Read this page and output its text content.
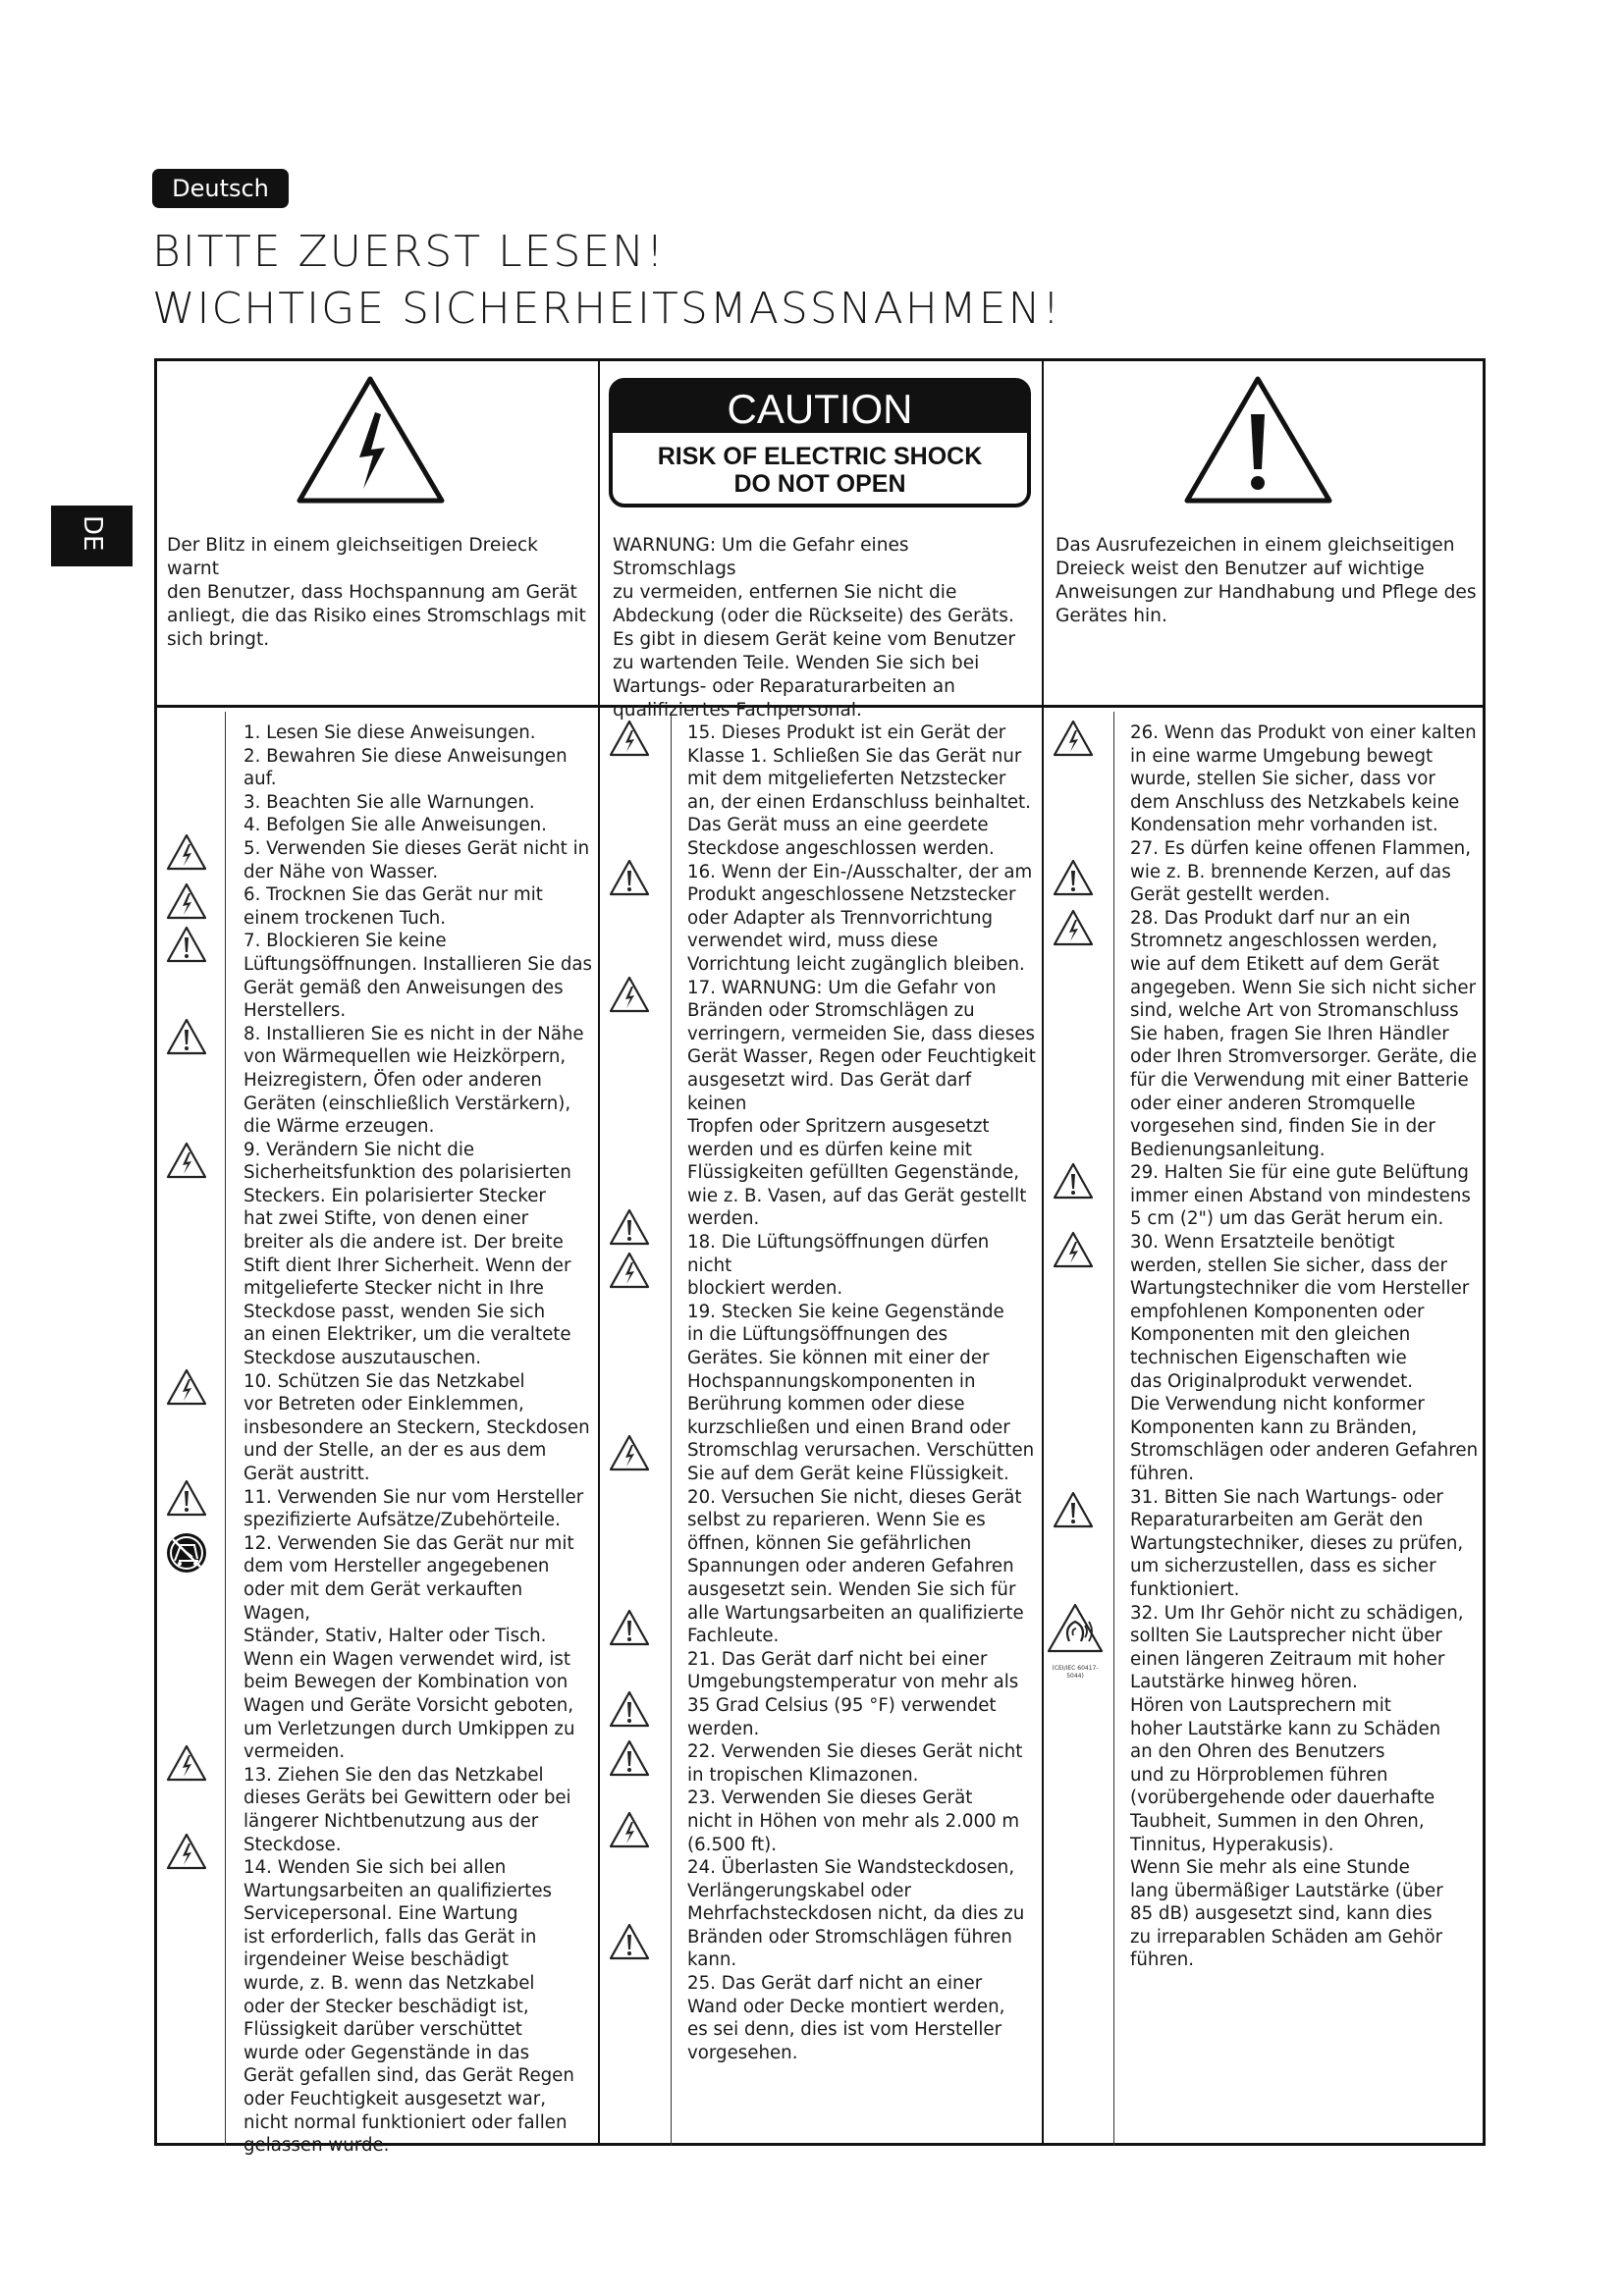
Deutsch
BITTE ZUERST LESEN!
WICHTIGE SICHERHEITSMASSNAHMEN!
DE
CAUTION
RISK OF ELECTRIC SHOCK
DO NOT OPEN
Der Blitz in einem gleichseitigen Dreieck warnt
den Benutzer, dass Hochspannung am Gerät
anliegt, die das Risiko eines Stromschlags mit
sich bringt.
WARNUNG: Um die Gefahr eines Stromschlags
zu vermeiden, entfernen Sie nicht die
Abdeckung (oder die Rückseite) des Geräts.
Es gibt in diesem Gerät keine vom Benutzer
zu wartenden Teile. Wenden Sie sich bei
Wartungs- oder Reparaturarbeiten an
qualifiziertes Fachpersonal.
Das Ausrufezeichen in einem gleichseitigen
Dreieck weist den Benutzer auf wichtige
Anweisungen zur Handhabung und Pflege des
Gerätes hin.

1. Lesen Sie diese Anweisungen.

2. Bewahren Sie diese Anweisungen

auf.

3. Beachten Sie alle Warnungen.

4. Befolgen Sie alle Anweisungen.

5. Verwenden Sie dieses Gerät nicht in

der Nähe von Wasser.

6. Trocknen Sie das Gerät nur mit

einem trockenen Tuch.

7. Blockieren Sie keine

Lüftungsöffnungen. Installieren Sie das

Gerät gemäß den Anweisungen des

Herstellers.

8. Installieren Sie es nicht in der Nähe

von Wärmequellen wie Heizkörpern,

Heizregistern, Öfen oder anderen

Geräten (einschließlich Verstärkern),

die Wärme erzeugen.

9. Verändern Sie nicht die

Sicherheitsfunktion des polarisierten

Steckers. Ein polarisierter Stecker

hat zwei Stifte, von denen einer

breiter als die andere ist. Der breite

Stift dient Ihrer Sicherheit. Wenn der

mitgelieferte Stecker nicht in Ihre

Steckdose passt, wenden Sie sich

an einen Elektriker, um die veraltete

Steckdose auszutauschen.

10. Schützen Sie das Netzkabel

vor Betreten oder Einklemmen,

insbesondere an Steckern, Steckdosen

und der Stelle, an der es aus dem

Gerät austritt.

11. Verwenden Sie nur vom Hersteller

spezifizierte Aufsätze/Zubehörteile.

12. Verwenden Sie das Gerät nur mit

dem vom Hersteller angegebenen

oder mit dem Gerät verkauften Wagen,

Ständer, Stativ, Halter oder Tisch.

Wenn ein Wagen verwendet wird, ist

beim Bewegen der Kombination von

Wagen und Geräte Vorsicht geboten,

um Verletzungen durch Umkippen zu

vermeiden.

13. Ziehen Sie den das Netzkabel

dieses Geräts bei Gewittern oder bei

längerer Nichtbenutzung aus der

Steckdose.

14. Wenden Sie sich bei allen

Wartungsarbeiten an qualifiziertes

Servicepersonal. Eine Wartung

ist erforderlich, falls das Gerät in

irgendeiner Weise beschädigt

wurde, z. B. wenn das Netzkabel

oder der Stecker beschädigt ist,

Flüssigkeit darüber verschüttet

wurde oder Gegenstände in das

Gerät gefallen sind, das Gerät Regen

oder Feuchtigkeit ausgesetzt war,

nicht normal funktioniert oder fallen

gelassen wurde.

15. Dieses Produkt ist ein Gerät der

Klasse 1. Schließen Sie das Gerät nur

mit dem mitgelieferten Netzstecker

an, der einen Erdanschluss beinhaltet.

Das Gerät muss an eine geerdete

Steckdose angeschlossen werden.

16. Wenn der Ein-/Ausschalter, der am

Produkt angeschlossene Netzstecker

oder Adapter als Trennvorrichtung

verwendet wird, muss diese

Vorrichtung leicht zugänglich bleiben.

17. WARNUNG: Um die Gefahr von

Bränden oder Stromschlägen zu

verringern, vermeiden Sie, dass dieses

Gerät Wasser, Regen oder Feuchtigkeit

ausgesetzt wird. Das Gerät darf keinen

Tropfen oder Spritzern ausgesetzt

werden und es dürfen keine mit

Flüssigkeiten gefüllten Gegenstände,

wie z. B. Vasen, auf das Gerät gestellt

werden.

18. Die Lüftungsöffnungen dürfen nicht

blockiert werden.

19. Stecken Sie keine Gegenstände

in die Lüftungsöffnungen des

Gerätes. Sie können mit einer der

Hochspannungskomponenten in

Berührung kommen oder diese

kurzschließen und einen Brand oder

Stromschlag verursachen. Verschütten

Sie auf dem Gerät keine Flüssigkeit.

20. Versuchen Sie nicht, dieses Gerät

selbst zu reparieren. Wenn Sie es

öffnen, können Sie gefährlichen

Spannungen oder anderen Gefahren

ausgesetzt sein. Wenden Sie sich für

alle Wartungsarbeiten an qualifizierte

Fachleute.

21. Das Gerät darf nicht bei einer

Umgebungstemperatur von mehr als

35 Grad Celsius (95 °F) verwendet

werden.

22. Verwenden Sie dieses Gerät nicht

in tropischen Klimazonen.

23. Verwenden Sie dieses Gerät

nicht in Höhen von mehr als 2.000 m

(6.500 ft).

24. Überlasten Sie Wandsteckdosen,

Verlängerungskabel oder

Mehrfachsteckdosen nicht, da dies zu

Bränden oder Stromschlägen führen

kann.

25. Das Gerät darf nicht an einer

Wand oder Decke montiert werden,

es sei denn, dies ist vom Hersteller

vorgesehen.

26. Wenn das Produkt von einer kalten

in eine warme Umgebung bewegt

wurde, stellen Sie sicher, dass vor

dem Anschluss des Netzkabels keine

Kondensation mehr vorhanden ist.

27. Es dürfen keine offenen Flammen,

wie z. B. brennende Kerzen, auf das

Gerät gestellt werden.

28. Das Produkt darf nur an ein

Stromnetz angeschlossen werden,

wie auf dem Etikett auf dem Gerät

angegeben. Wenn Sie sich nicht sicher

sind, welche Art von Stromanschluss

Sie haben, fragen Sie Ihren Händler

oder Ihren Stromversorger. Geräte, die

für die Verwendung mit einer Batterie

oder einer anderen Stromquelle

vorgesehen sind, finden Sie in der

Bedienungsanleitung.

29. Halten Sie für eine gute Belüftung

immer einen Abstand von mindestens

5 cm (2") um das Gerät herum ein.

30. Wenn Ersatzteile benötigt

werden, stellen Sie sicher, dass der

Wartungstechniker die vom Hersteller

empfohlenen Komponenten oder

Komponenten mit den gleichen

technischen Eigenschaften wie

das Originalprodukt verwendet.

Die Verwendung nicht konformer

Komponenten kann zu Bränden,

Stromschlägen oder anderen Gefahren

führen.

31. Bitten Sie nach Wartungs- oder

Reparaturarbeiten am Gerät den

Wartungstechniker, dieses zu prüfen,

um sicherzustellen, dass es sicher

funktioniert.

32. Um Ihr Gehör nicht zu schädigen,

sollten Sie Lautsprecher nicht über

einen längeren Zeitraum mit hoher

Lautstärke hinweg hören.

Hören von Lautsprechern mit

hoher Lautstärke kann zu Schäden

an den Ohren des Benutzers

und zu Hörproblemen führen

(vorübergehende oder dauerhafte

Taubheit, Summen in den Ohren,

Tinnitus, Hyperakusis).

Wenn Sie mehr als eine Stunde

lang übermäßiger Lautstärke (über

85 dB) ausgesetzt sind, kann dies

zu irreparablen Schäden am Gehör

führen.

(CEI/IEC 60417-5044)
